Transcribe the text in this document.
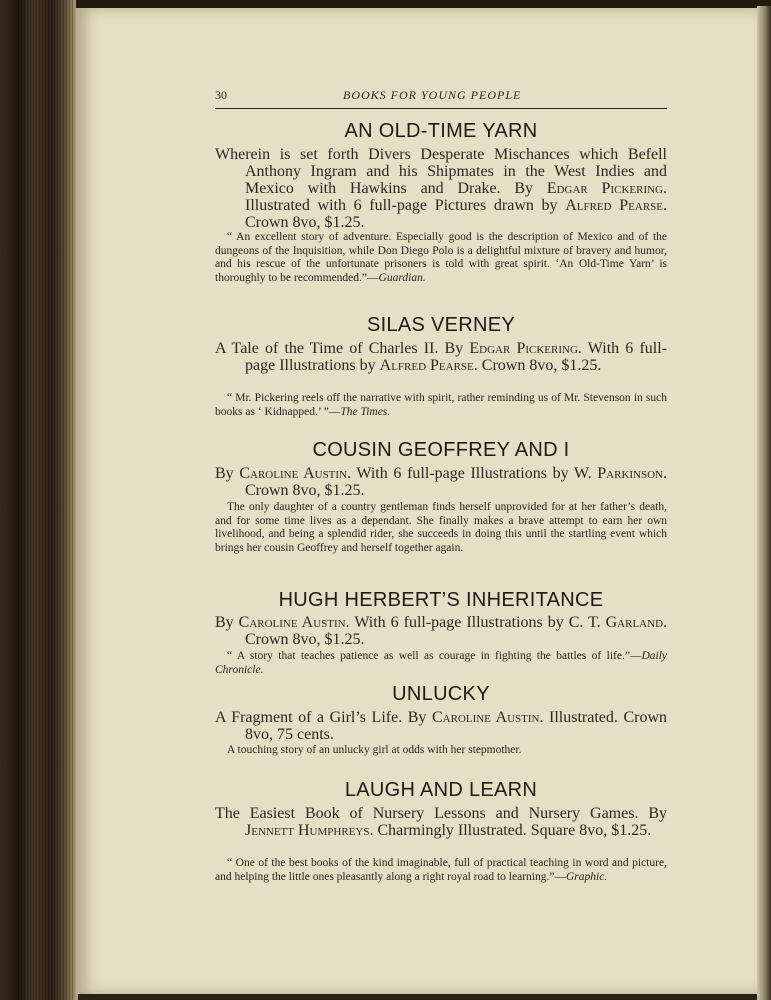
30	BOOKS FOR YOUNG PEOPLE
AN OLD-TIME YARN
Wherein is set forth Divers Desperate Mischances which Befell Anthony Ingram and his Shipmates in the West Indies and Mexico with Hawkins and Drake. By Edgar Pickering. Illustrated with 6 full-page Pictures drawn by Alfred Pearse. Crown 8vo, $1.25.
“ An excellent story of adventure. Especially good is the description of Mexico and of the dungeons of the Inquisition, while Don Diego Polo is a delightful mixture of bravery and humor, and his rescue of the unfortunate prisoners is told with great spirit. ‘An Old-Time Yarn’ is thoroughly to be recommended.”—Guardian.
SILAS VERNEY
A Tale of the Time of Charles II. By Edgar Pickering. With 6 full-page Illustrations by Alfred Pearse. Crown 8vo, $1.25.
“ Mr. Pickering reels off the narrative with spirit, rather reminding us of Mr. Stevenson in such books as ‘ Kidnapped.’ ”—The Times.
COUSIN GEOFFREY AND I
By Caroline Austin. With 6 full-page Illustrations by W. Parkinson. Crown 8vo, $1.25.
The only daughter of a country gentleman finds herself unprovided for at her father’s death, and for some time lives as a dependant. She finally makes a brave attempt to earn her own livelihood, and being a splendid rider, she succeeds in doing this until the startling event which brings her cousin Geoffrey and herself together again.
HUGH HERBERT’S INHERITANCE
By Caroline Austin. With 6 full-page Illustrations by C. T. Garland. Crown 8vo, $1.25.
“ A story that teaches patience as well as courage in fighting the battles of life.”—Daily Chronicle.
UNLUCKY
A Fragment of a Girl’s Life. By Caroline Austin. Illustrated. Crown 8vo, 75 cents.
A touching story of an unlucky girl at odds with her stepmother.
LAUGH AND LEARN
The Easiest Book of Nursery Lessons and Nursery Games. By Jennett Humphreys. Charmingly Illustrated. Square 8vo, $1.25.
“ One of the best books of the kind imaginable, full of practical teaching in word and picture, and helping the little ones pleasantly along a right royal road to learning.”—Graphic.
